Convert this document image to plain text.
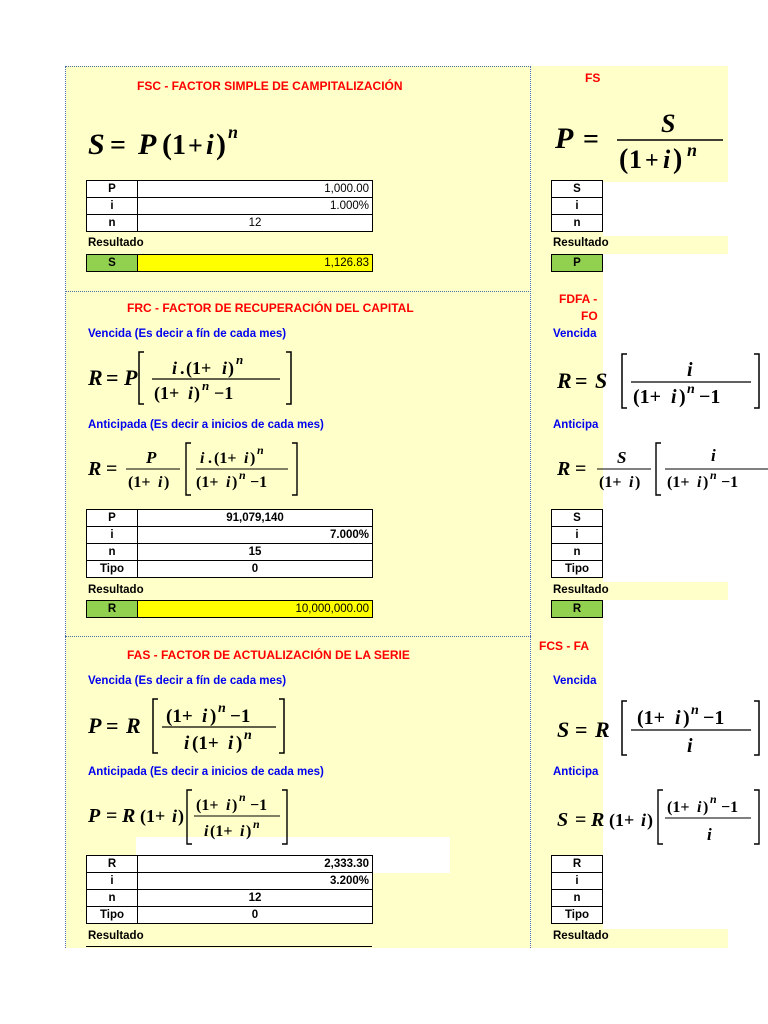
FSC - FACTOR SIMPLE DE CAMPITALIZACIÓN
S = P ( 1 + i ) n
P	1,000.00
i	1.000%
n	12
Resultado
S	1,126.83
FS
P =
S
( 1 + i ) n
S
i
n
Resultado
P
FRC - FACTOR DE RECUPERACIÓN DEL CAPITAL
Vencida (Es decir a fín de cada mes)
R = P i . (1+ i ) n
(1+ i ) n −1
Anticipada (Es decir a inicios de cada mes)
R =
P
(1+ i )
i . (1+ i ) n
(1+ i ) n −1
P	91,079,140
i	7.000%
n	15
Tipo	0
Resultado
R	10,000,000.00
FDFA -
FO
Vencida
R = S	i
(1+ i ) n −1
Anticipa
R =
S
(1+ i )
i
(1+ i ) n −1
S
i
n
Tipo
Resultado
R
FAS - FACTOR DE ACTUALIZACIÓN DE LA SERIE
Vencida (Es decir a fín de cada mes)
P = R (1+ i ) n −1
i (1+ i ) n
Anticipada (Es decir a inicios de cada mes)
P = R (1+ i )
(1+ i ) n −1
i (1+ i ) n
R	2,333.30
i	3.200%
n	12
Tipo	0
Resultado
FCS - FA
Vencida
S = R (1+ i ) n −1
i
Anticipa
S = R (1+ i )
(1+ i ) n −1
i
R
i
n
Tipo
Resultado
